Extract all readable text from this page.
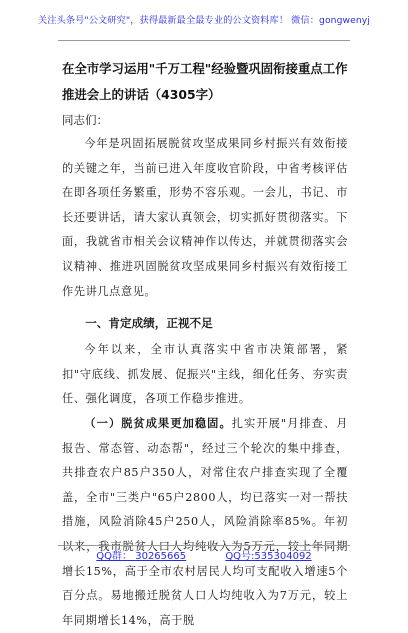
关注头条号"公文研究"，获得最新最全最专业的公文资料库！ 微信：gongwenyj
在全市学习运用"千万工程"经验暨巩固衔接重点工作推进会上的讲话（4305字）

同志们：

今年是巩固拓展脱贫攻坚成果同乡村振兴有效衔接的关键之年，当前已进入年度收官阶段，中省考核评估在即各项任务繁重，形势不容乐观。一会儿，书记、市长还要讲话，请大家认真领会，切实抓好贯彻落实。下面，我就省市相关会议精神作以传达，并就贯彻落实会议精神、推进巩固脱贫攻坚成果同乡村振兴有效衔接工作先讲几点意见。

一、肯定成绩，正视不足

今年以来，全市认真落实中省市决策部署，紧扣"守底线、抓发展、促振兴"主线，细化任务、夯实责任、强化调度，各项工作稳步推进。

（一）脱贫成果更加稳固。扎实开展"月排查、月报告、常态管、动态帮"，经过三个轮次的集中排查，共排查农户85户350人，对常住农户排查实现了全覆盖，全市"三类户"65户2800人，均已落实一对一帮扶措施，风险消除45户250人，风险消除率85%。年初以来，我市脱贫人口人均纯收入为5万元，较上年同期增长15%，高于全市农村居民人均可支配收入增速5个百分点。易地搬迁脱贫人口人均纯收入为7万元，较上年同期增长14%，高于脱

QQ群： 30265665	QQ号:535304092
